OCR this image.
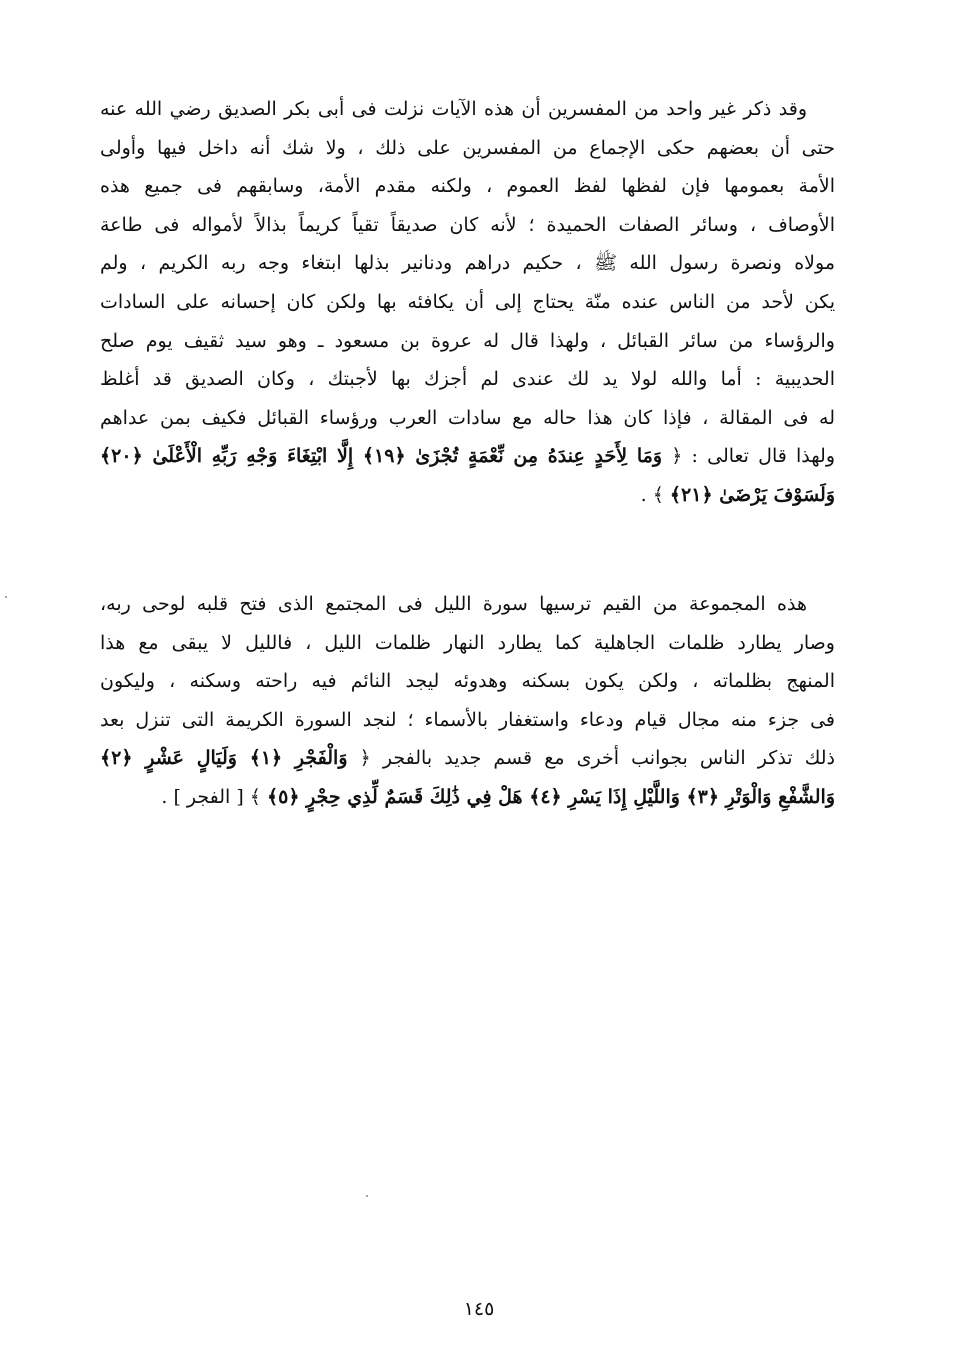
وقد ذكر غير واحد من المفسرين أن هذه الآيات نزلت فى أبى بكر الصديق رضي الله عنه
حتى أن بعضهم حكى الإجماع من المفسرين على ذلك ، ولا شك أنه داخل فيها وأولى
الأمة بعمومها فإن لفظها لفظ العموم ، ولكنه مقدم الأمة، وسابقهم فى جميع هذه
الأوصاف ، وسائر الصفات الحميدة ؛ لأنه كان صديقاً تقياً كريماً بذالاً لأمواله فى طاعة
مولاه ونصرة رسول الله ﷺ ، حكيم دراهم ودنانير بذلها ابتغاء وجه ربه الكريم ، ولم
يكن لأحد من الناس عنده منّة يحتاج إلى أن يكافئه بها ولكن كان إحسانه على السادات
والرؤساء من سائر القبائل ، ولهذا قال له عروة بن مسعود ـ وهو سيد ثقيف يوم صلح
الحديبية : أما والله لولا يد لك عندى لم أجزك بها لأجبتك ، وكان الصديق قد أغلظ
له فى المقالة ، فإذا كان هذا حاله مع سادات العرب ورؤساء القبائل فكيف بمن عداهم
ولهذا قال تعالى : ﴿ وَمَا لِأَحَدٍ عِندَهُ مِن نِّعْمَةٍ تُجْزَىٰ ﴿١٩﴾ إِلَّا ابْتِغَاءَ وَجْهِ رَبِّهِ الْأَعْلَىٰ ﴿٢٠﴾
وَلَسَوْفَ يَرْضَىٰ ﴿٢١﴾ ﴾ .
هذه المجموعة من القيم ترسيها سورة الليل فى المجتمع الذى فتح قلبه لوحى ربه،
وصار يطارد ظلمات الجاهلية كما يطارد النهار ظلمات الليل ، فالليل لا يبقى مع هذا
المنهج بظلماته ، ولكن يكون بسكنه وهدوئه ليجد النائم فيه راحته وسكنه ، وليكون
فى جزء منه مجال قيام ودعاء واستغفار بالأسماء ؛ لنجد السورة الكريمة التى تنزل بعد
ذلك تذكر الناس بجوانب أخرى مع قسم جديد بالفجر ﴿ وَالْفَجْرِ ﴿١﴾ وَلَيَالٍ عَشْرٍ ﴿٢﴾
وَالشَّفْعِ وَالْوَتْرِ ﴿٣﴾ وَاللَّيْلِ إِذَا يَسْرِ ﴿٤﴾ هَلْ فِي ذَٰلِكَ قَسَمٌ لِّذِي حِجْرٍ ﴿٥﴾ ﴾ [ الفجر ] .
١٤٥
